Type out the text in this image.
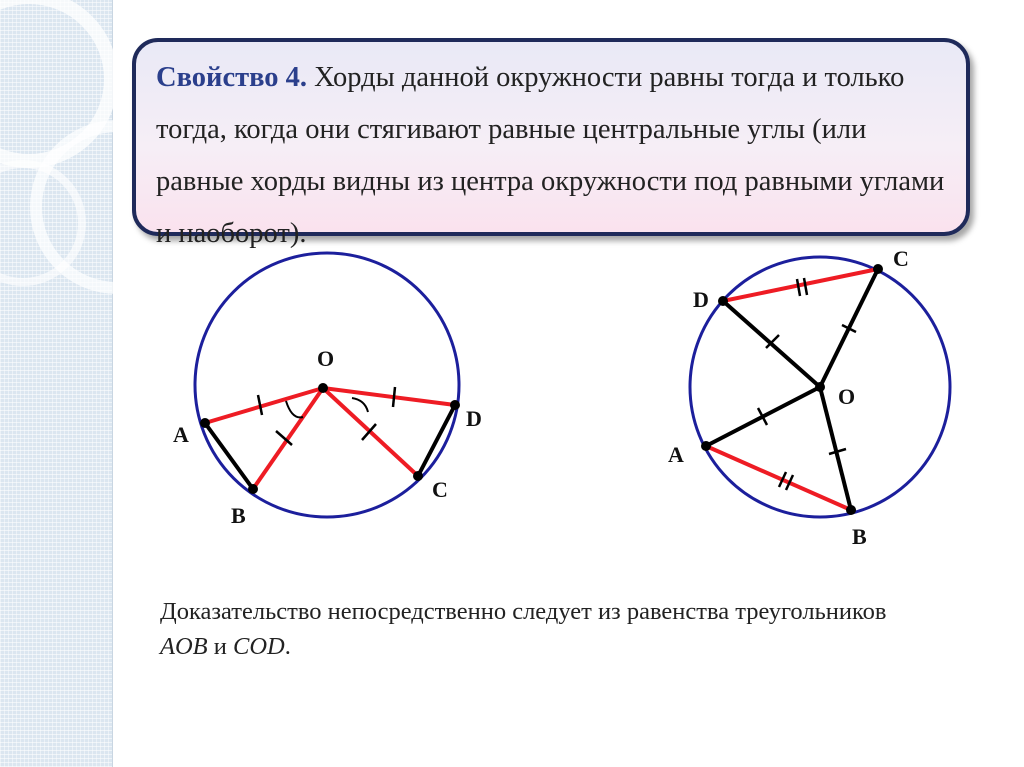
Свойство 4. Хорды данной окружности равны тогда и только тогда, когда они стягивают равные центральные углы (или равные хорды видны из центра окружности под равными углами и наоборот).
O
A
B
C
D
O
D
C
A
B
Доказательство непосредственно следует из равенства треугольников AOB и COD.
